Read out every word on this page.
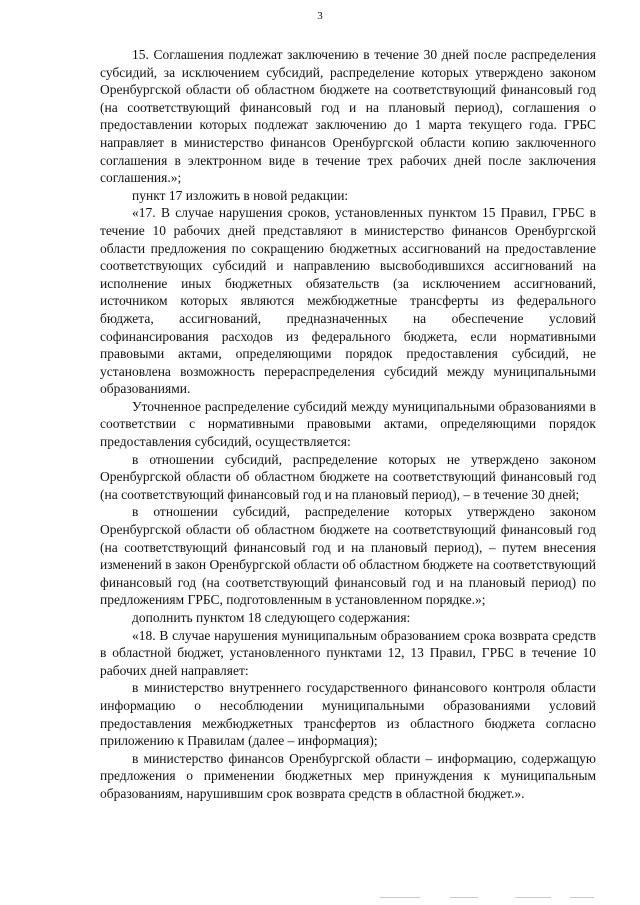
3

15. Соглашения подлежат заключению в течение 30 дней после распределения субсидий, за исключением субсидий, распределение которых утверждено законом Оренбургской области об областном бюджете на соответствующий финансовый год (на соответствующий финансовый год и на плановый период), соглашения о предоставлении которых подлежат заключению до 1 марта текущего года. ГРБС направляет в министерство финансов Оренбургской области копию заключенного соглашения в электронном виде в течение трех рабочих дней после заключения соглашения.»;

пункт 17 изложить в новой редакции:

«17. В случае нарушения сроков, установленных пунктом 15 Правил, ГРБС в течение 10 рабочих дней представляют в министерство финансов Оренбургской области предложения по сокращению бюджетных ассигнований на предоставление соответствующих субсидий и направлению высвободившихся ассигнований на исполнение иных бюджетных обязательств (за исключением ассигнований, источником которых являются межбюджетные трансферты из федерального бюджета, ассигнований, предназначенных на обеспечение условий софинансирования расходов из федерального бюджета, если нормативными правовыми актами, определяющими порядок предоставления субсидий, не установлена возможность перераспределения субсидий между муниципальными образованиями.

Уточненное распределение субсидий между муниципальными образованиями в соответствии с нормативными правовыми актами, определяющими порядок предоставления субсидий, осуществляется:

в отношении субсидий, распределение которых не утверждено законом Оренбургской области об областном бюджете на соответствующий финансовый год (на соответствующий финансовый год и на плановый период), – в течение 30 дней;

в отношении субсидий, распределение которых утверждено законом Оренбургской области об областном бюджете на соответствующий финансовый год (на соответствующий финансовый год и на плановый период), – путем внесения изменений в закон Оренбургской области об областном бюджете на соответствующий финансовый год (на соответствующий финансовый год и на плановый период) по предложениям ГРБС, подготовленным в установленном порядке.»;

дополнить пунктом 18 следующего содержания:

«18. В случае нарушения муниципальным образованием срока возврата средств в областной бюджет, установленного пунктами 12, 13 Правил, ГРБС в течение 10 рабочих дней направляет:

в министерство внутреннего государственного финансового контроля области информацию о несоблюдении муниципальными образованиями условий предоставления межбюджетных трансфертов из областного бюджета согласно приложению к Правилам (далее – информация);

в министерство финансов Оренбургской области – информацию, содержащую предложения о применении бюджетных мер принуждения к муниципальным образованиям, нарушившим срок возврата средств в областной бюджет.».
